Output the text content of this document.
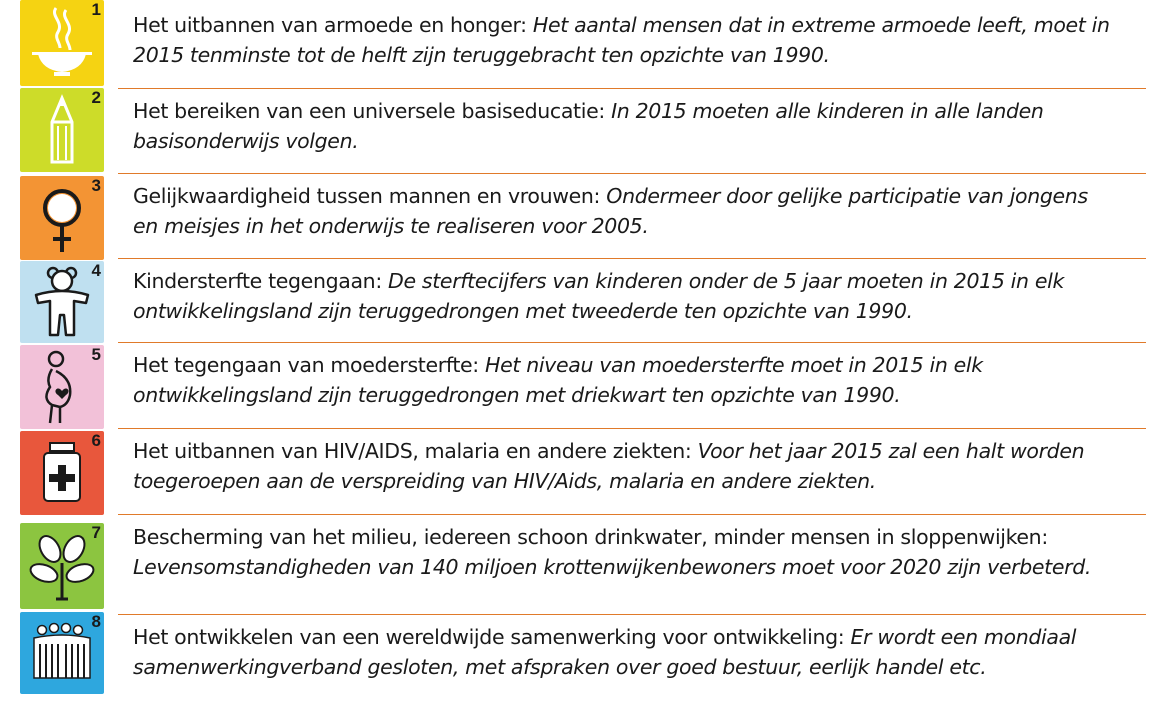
1
Het uitbannen van armoede en honger: Het aantal mensen dat in extreme armoede leeft, moet in
2015 tenminste tot de helft zijn teruggebracht ten opzichte van 1990.
2
Het bereiken van een universele basiseducatie: In 2015 moeten alle kinderen in alle landen
basisonderwijs volgen.
3 Gelijkwaardigheid tussen mannen en vrouwen: Ondermeer door gelijke participatie van jongens
en meisjes in het onderwijs te realiseren voor 2005.
4 Kindersterfte tegengaan: De sterftecijfers van kinderen onder de 5 jaar moeten in 2015 in elk
ontwikkelingsland zijn teruggedrongen met tweederde ten opzichte van 1990.
5 Het tegengaan van moedersterfte: Het niveau van moedersterfte moet in 2015 in elk
ontwikkelingsland zijn teruggedrongen met driekwart ten opzichte van 1990.
6 Het uitbannen van HIV/AIDS, malaria en andere ziekten: Voor het jaar 2015 zal een halt worden
toegeroepen aan de verspreiding van HIV/Aids, malaria en andere ziekten.
7 Bescherming van het milieu, iedereen schoon drinkwater, minder mensen in sloppenwijken:
Levensomstandigheden van 140 miljoen krottenwijkenbewoners moet voor 2020 zijn verbeterd.
8
Het ontwikkelen van een wereldwijde samenwerking voor ontwikkeling: Er wordt een mondiaal
samenwerkingverband gesloten, met afspraken over goed bestuur, eerlijk handel etc.
